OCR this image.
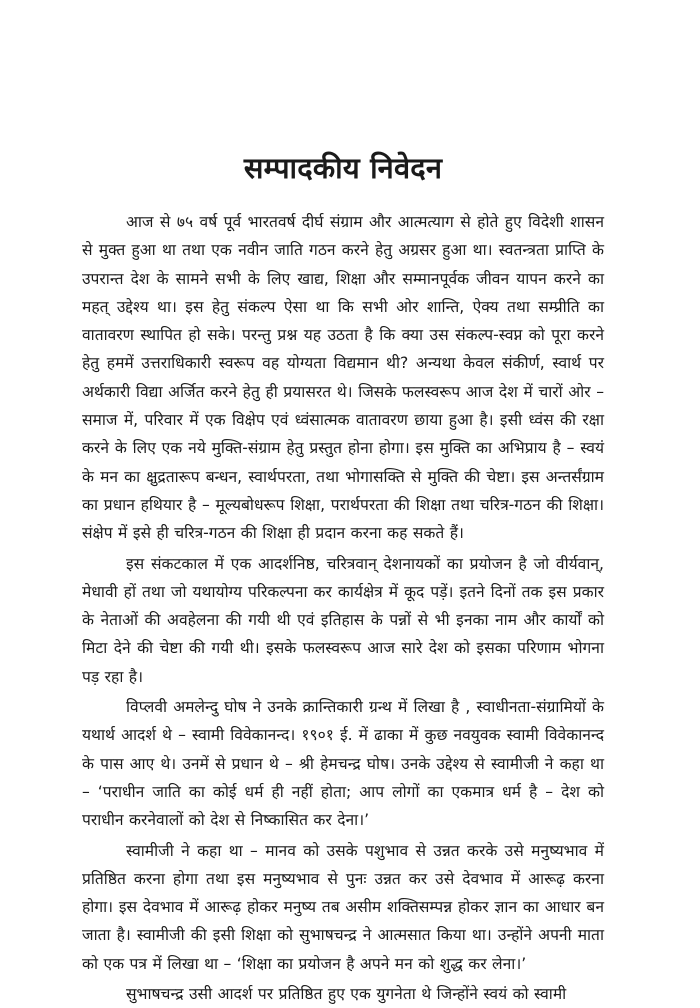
सम्पादकीय निवेदन

आज से ७५ वर्ष पूर्व भारतवर्ष दीर्घ संग्राम और आत्मत्याग से होते हुए विदेशी शासन से मुक्त हुआ था तथा एक नवीन जाति गठन करने हेतु अग्रसर हुआ था। स्वतन्त्रता प्राप्ति के उपरान्त देश के सामने सभी के लिए खाद्य, शिक्षा और सम्मानपूर्वक जीवन यापन करने का महत् उद्देश्य था। इस हेतु संकल्प ऐसा था कि सभी ओर शान्ति, ऐक्य तथा सम्प्रीति का वातावरण स्थापित हो सके। परन्तु प्रश्न यह उठता है कि क्या उस संकल्प-स्वप्न को पूरा करने हेतु हममें उत्तराधिकारी स्वरूप वह योग्यता विद्यमान थी? अन्यथा केवल संकीर्ण, स्वार्थ पर अर्थकारी विद्या अर्जित करने हेतु ही प्रयासरत थे। जिसके फलस्वरूप आज देश में चारों ओर – समाज में, परिवार में एक विक्षेप एवं ध्वंसात्मक वातावरण छाया हुआ है। इसी ध्वंस की रक्षा करने के लिए एक नये मुक्ति-संग्राम हेतु प्रस्तुत होना होगा। इस मुक्ति का अभिप्राय है – स्वयं के मन का क्षुद्रतारूप बन्धन, स्वार्थपरता, तथा भोगासक्ति से मुक्ति की चेष्टा। इस अन्तर्संग्राम का प्रधान हथियार है – मूल्यबोधरूप शिक्षा, परार्थपरता की शिक्षा तथा चरित्र-गठन की शिक्षा। संक्षेप में इसे ही चरित्र-गठन की शिक्षा ही प्रदान करना कह सकते हैं।

इस संकटकाल में एक आदर्शनिष्ठ, चरित्रवान् देशनायकों का प्रयोजन है जो वीर्यवान्, मेधावी हों तथा जो यथायोग्य परिकल्पना कर कार्यक्षेत्र में कूद पड़ें। इतने दिनों तक इस प्रकार के नेताओं की अवहेलना की गयी थी एवं इतिहास के पन्नों से भी इनका नाम और कार्यों को मिटा देने की चेष्टा की गयी थी। इसके फलस्वरूप आज सारे देश को इसका परिणाम भोगना पड़ रहा है।

विप्लवी अमलेन्दु घोष ने उनके क्रान्तिकारी ग्रन्थ में लिखा है , स्वाधीनता-संग्रामियों के यथार्थ आदर्श थे – स्वामी विवेकानन्द। १९०१ ई. में ढाका में कुछ नवयुवक स्वामी विवेकानन्द के पास आए थे। उनमें से प्रधान थे – श्री हेमचन्द्र घोष। उनके उद्देश्य से स्वामीजी ने कहा था – ‘पराधीन जाति का कोई धर्म ही नहीं होता; आप लोगों का एकमात्र धर्म है – देश को पराधीन करनेवालों को देश से निष्कासित कर देना।’

स्वामीजी ने कहा था – मानव को उसके पशुभाव से उन्नत करके उसे मनुष्यभाव में प्रतिष्ठित करना होगा तथा इस मनुष्यभाव से पुनः उन्नत कर उसे देवभाव में आरूढ़ करना होगा। इस देवभाव में आरूढ़ होकर मनुष्य तब असीम शक्तिसम्पन्न होकर ज्ञान का आधार बन जाता है। स्वामीजी की इसी शिक्षा को सुभाषचन्द्र ने आत्मसात किया था। उन्होंने अपनी माता को एक पत्र में लिखा था – ‘शिक्षा का प्रयोजन है अपने मन को शुद्ध कर लेना।’

सुभाषचन्द्र उसी आदर्श पर प्रतिष्ठित हुए एक युगनेता थे जिन्होंने स्वयं को स्वामी
